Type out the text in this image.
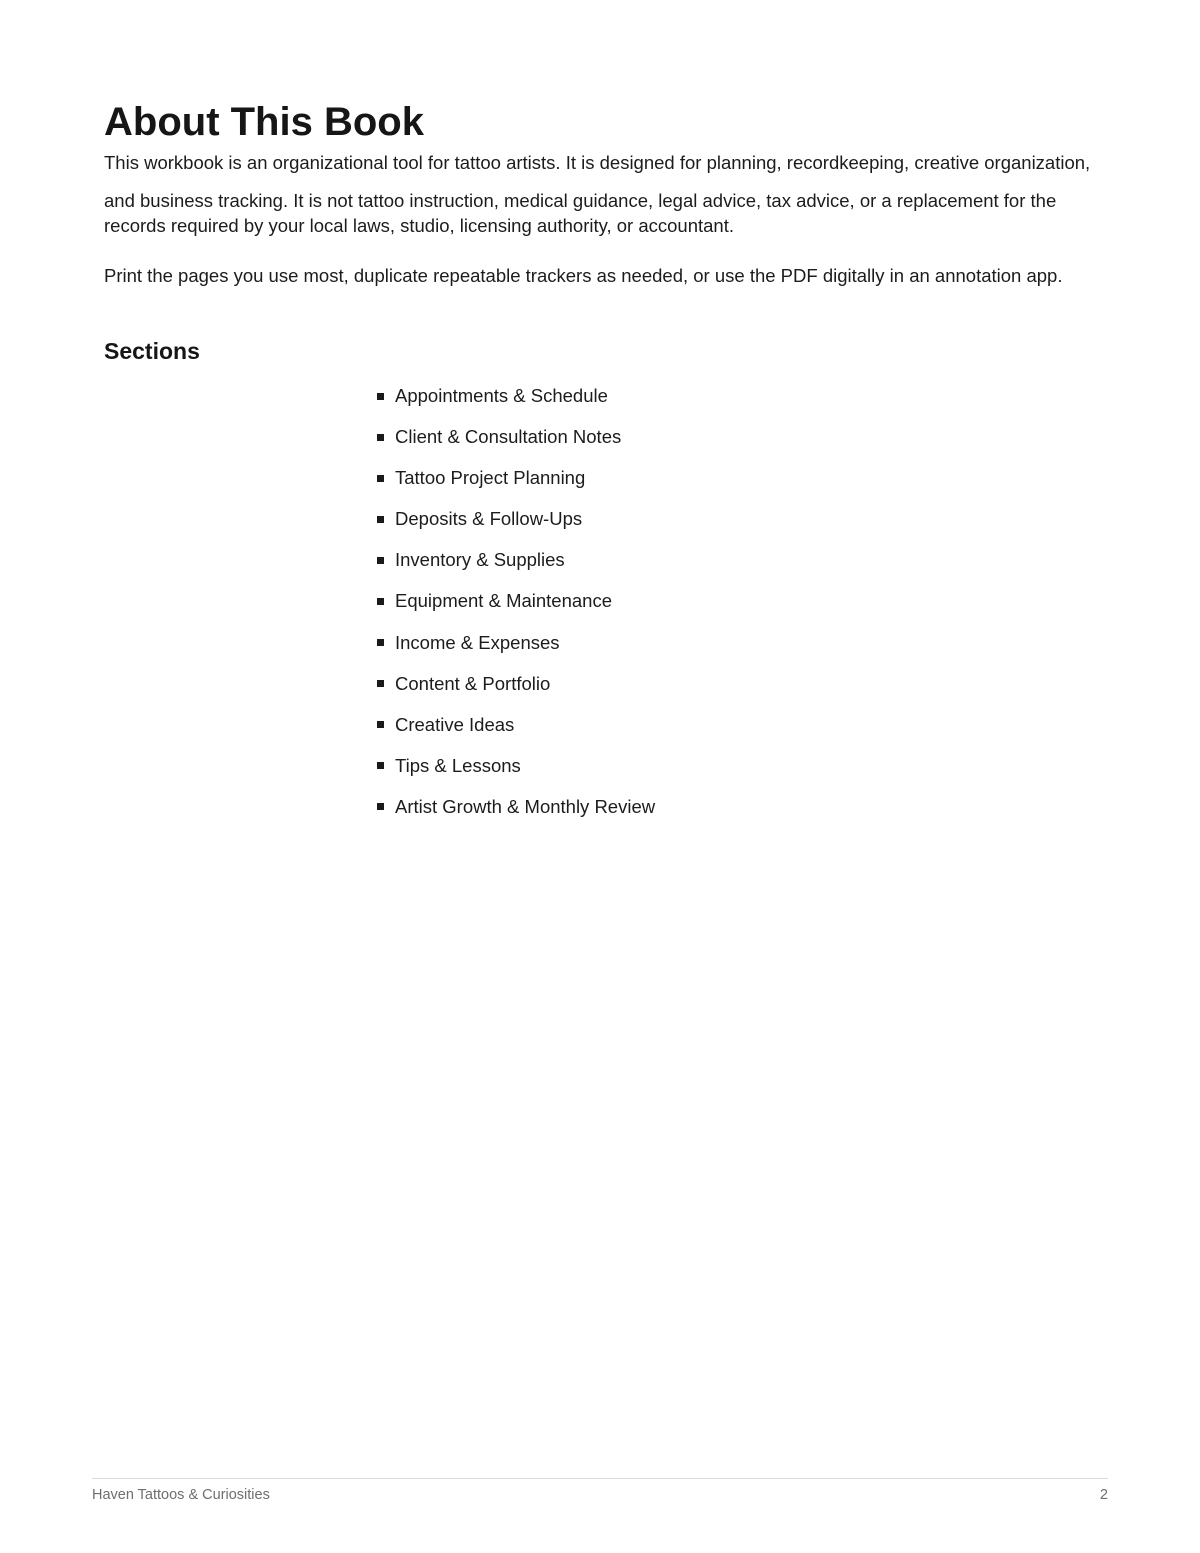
About This Book
This workbook is an organizational tool for tattoo artists. It is designed for planning, recordkeeping, creative organization,
and business tracking. It is not tattoo instruction, medical guidance, legal advice, tax advice, or a replacement for the
records required by your local laws, studio, licensing authority, or accountant.
Print the pages you use most, duplicate repeatable trackers as needed, or use the PDF digitally in an annotation app.
Sections
Appointments & Schedule
Client & Consultation Notes
Tattoo Project Planning
Deposits & Follow-Ups
Inventory & Supplies
Equipment & Maintenance
Income & Expenses
Content & Portfolio
Creative Ideas
Tips & Lessons
Artist Growth & Monthly Review
Haven Tattoos & Curiosities	2
